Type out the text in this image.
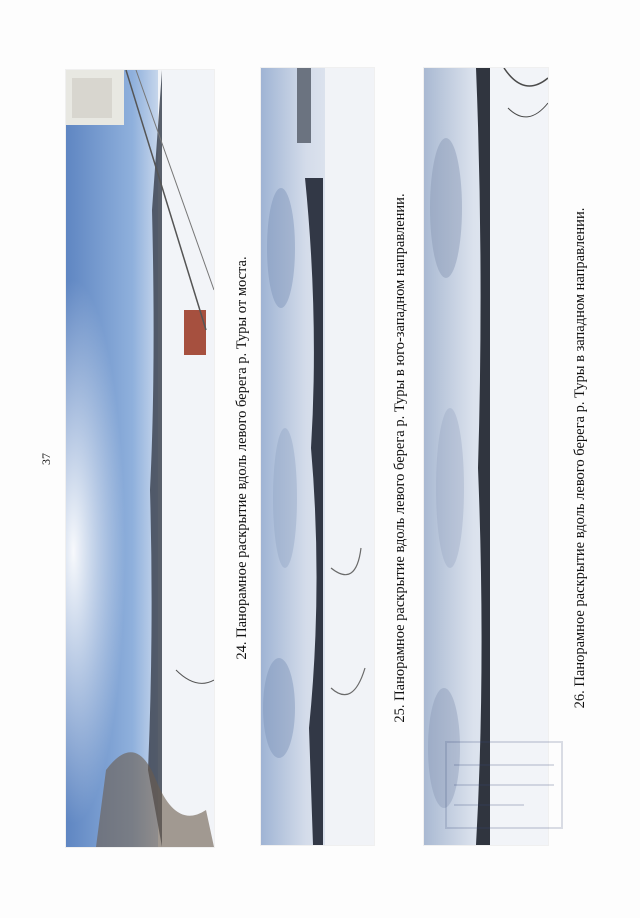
37	24. Панорамное раскрытие вдоль левого берега р. Туры от моста.	25. Панорамное раскрытие вдоль левого берега р. Туры в юго-западном направлении.	26. Панорамное раскрытие вдоль левого берега р. Туры в западном направлении.
